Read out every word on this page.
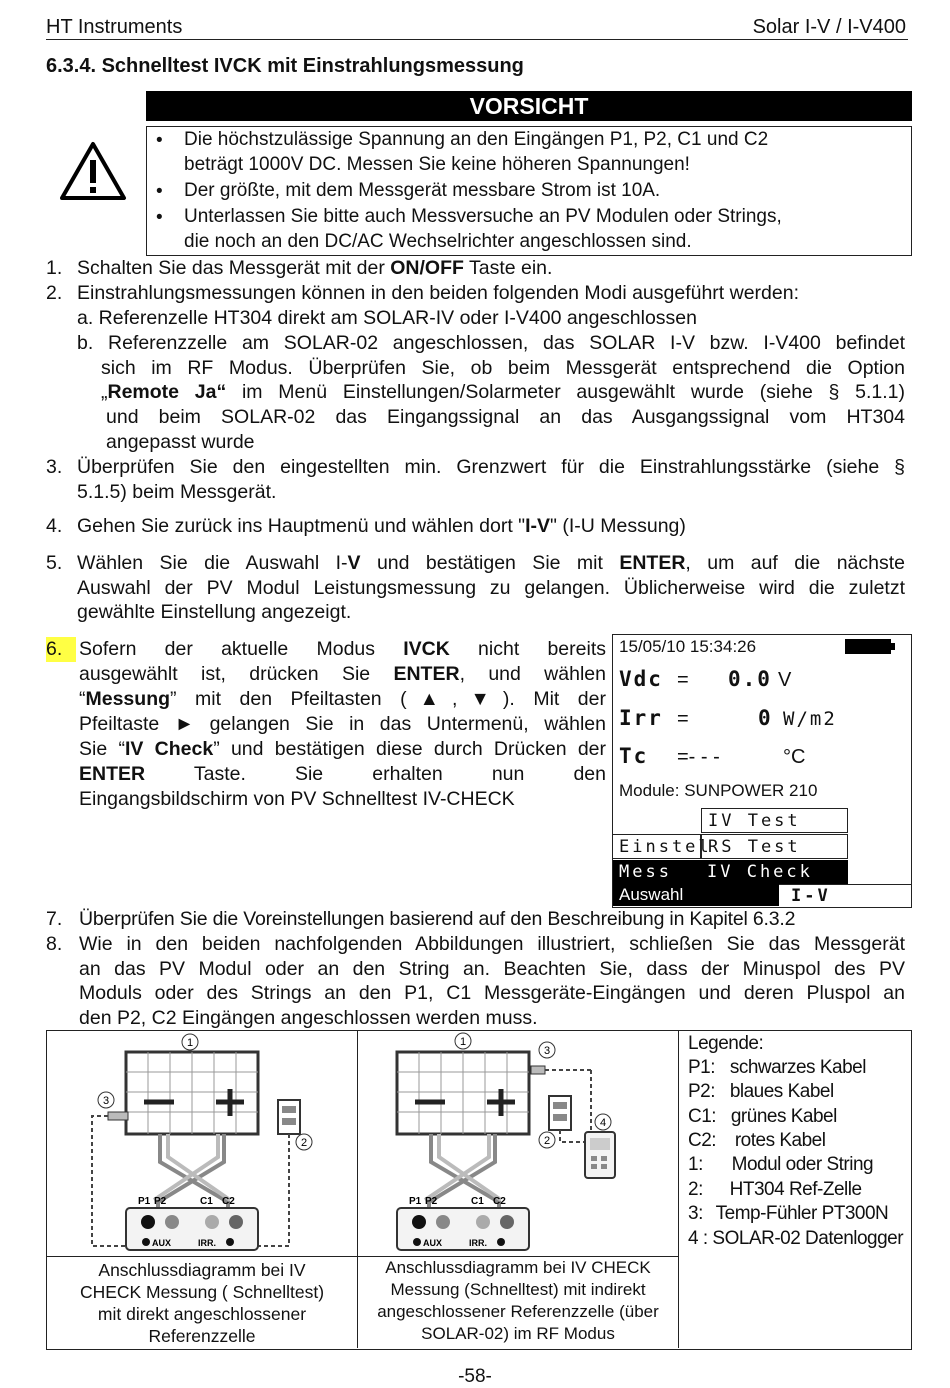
HT Instruments	Solar I-V / I-V400
6.3.4. Schnelltest IVCK mit Einstrahlungsmessung
VORSICHT
• Die höchstzulässige Spannung an den Eingängen P1, P2, C1 und C2
beträgt 1000V DC. Messen Sie keine höheren Spannungen!
• Der größte, mit dem Messgerät messbare Strom ist 10A.
• Unterlassen Sie bitte auch Messversuche an PV Modulen oder Strings,
die noch an den DC/AC Wechselrichter angeschlossen sind.
1. Schalten Sie das Messgerät mit der ON/OFF Taste ein.
2. Einstrahlungsmessungen können in den beiden folgenden Modi ausgeführt werden:
a. Referenzelle HT304 direkt am SOLAR-IV oder I-V400 angeschlossen
b. Referenzzelle am SOLAR-02 angeschlossen, das SOLAR I-V bzw. I-V400 befindet
sich im RF Modus. Überprüfen Sie, ob beim Messgerät entsprechend die Option
„Remote Ja“ im Menü Einstellungen/Solarmeter ausgewählt wurde (siehe § 5.1.1)
und beim SOLAR-02 das Eingangssignal an das Ausgangssignal vom HT304
angepasst wurde
3. Überprüfen Sie den eingestellten min. Grenzwert für die Einstrahlungsstärke (siehe §
5.1.5) beim Messgerät.
4. Gehen Sie zurück ins Hauptmenü und wählen dort "I-V" (I-U Messung)
5. Wählen Sie die Auswahl I-V und bestätigen Sie mit ENTER, um auf die nächste
Auswahl der PV Modul Leistungsmessung zu gelangen. Üblicherweise wird die zuletzt
gewählte Einstellung angezeigt.
6. Sofern der aktuelle Modus IVCK nicht bereits
ausgewählt ist, drücken Sie ENTER, und wählen
“Messung” mit den Pfeiltasten (▲,▼). Mit der
Pfeiltaste ► gelangen Sie in das Untermenü, wählen
Sie “IV Check” und bestätigen diese durch Drücken der
ENTER Taste. Sie erhalten nun den
Eingangsbildschirm von PV Schnelltest IV-CHECK
15/05/10 15:34:26
Vdc = 0.0 V
Irr =	0 W/m2
Tc =- - -	°C
Module: SUNPOWER 210
IV Test
Einstel
RS Test
Mess	IV Check
Auswahl	I-V
7. Überprüfen Sie die Voreinstellungen basierend auf den Beschreibung in Kapitel 6.3.2
8. Wie in den beiden nachfolgenden Abbildungen illustriert, schließen Sie das Messgerät
an das PV Modul oder an den String an. Beachten Sie, dass der Minuspol des PV
Moduls oder des Strings an den P1, C1 Messgeräte-Eingängen und deren Pluspol an
den P2, C2 Eingängen angeschlossen werden muss.
1
3
2
P1 P2	C1 C2
AUX	IRR.
Anschlussdiagramm bei IV
CHECK Messung ( Schnelltest)
mit direkt angeschlossener
Referenzzelle
1
3
2
4
P1 P2	C1 C2
AUX	IRR.
Anschlussdiagramm bei IV CHECK
Messung (Schnelltest) mit indirekt
angeschlossener Referenzzelle (über
SOLAR-02) im RF Modus
Legende:
P1: schwarzes Kabel
P2: blaues Kabel
C1: grünes Kabel
C2: rotes Kabel
1: Modul oder String
2: HT304 Ref-Zelle
3: Temp-Fühler PT300N
4 : SOLAR-02 Datenlogger
-58-
